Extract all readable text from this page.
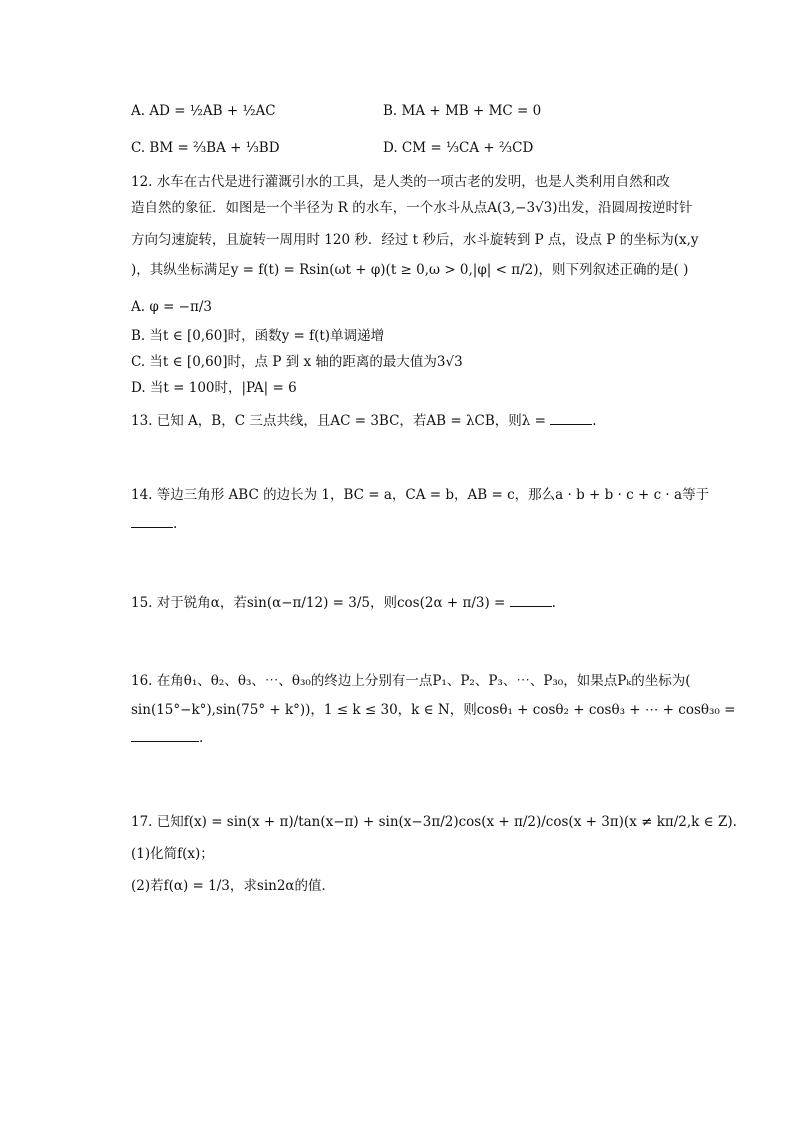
A. AD = ½AB + ½AC	B. MA + MB + MC = 0
C. BM = ⅔BA + ⅓BD	D. CM = ⅓CA + ⅔CD
12. 水车在古代是进行灌溉引水的工具，是人类的一项古老的发明，也是人类利用自然和改
造自然的象征．如图是一个半径为 R 的水车，一个水斗从点A(3,−3√3)出发，沿圆周按逆时针
方向匀速旋转，且旋转一周用时 120 秒．经过 t 秒后，水斗旋转到 P 点，设点 P 的坐标为(x,y
)，其纵坐标满足y = f(t) = Rsin(ωt + φ)(t ≥ 0,ω > 0,|φ| < π/2)，则下列叙述正确的是( )
A. φ = −π/3
B. 当t ∈ [0,60]时，函数y = f(t)单调递增
C. 当t ∈ [0,60]时，点 P 到 x 轴的距离的最大值为3√3
D. 当t = 100时，|PA| = 6
13. 已知 A，B，C 三点共线，且AC = 3BC，若AB = λCB，则λ =	.
14. 等边三角形 ABC 的边长为 1，BC = a，CA = b，AB = c，那么a · b + b · c + c · a等于
.
15. 对于锐角α，若sin(α−π/12) = 3/5，则cos(2α + π/3) =	.
16. 在角θ₁、θ₂、θ₃、⋯、θ₃₀的终边上分别有一点P₁、P₂、P₃、⋯、P₃₀，如果点Pₖ的坐标为(
sin(15°−k°),sin(75° + k°))，1 ≤ k ≤ 30，k ∈ N，则cosθ₁ + cosθ₂ + cosθ₃ + ⋯ + cosθ₃₀ =
.
17. 已知f(x) = sin(x + π)/tan(x−π) + sin(x−3π/2)cos(x + π/2)/cos(x + 3π)(x ≠ kπ/2,k ∈ Z).
(1)化简f(x)；
(2)若f(α) = 1/3，求sin2α的值．
